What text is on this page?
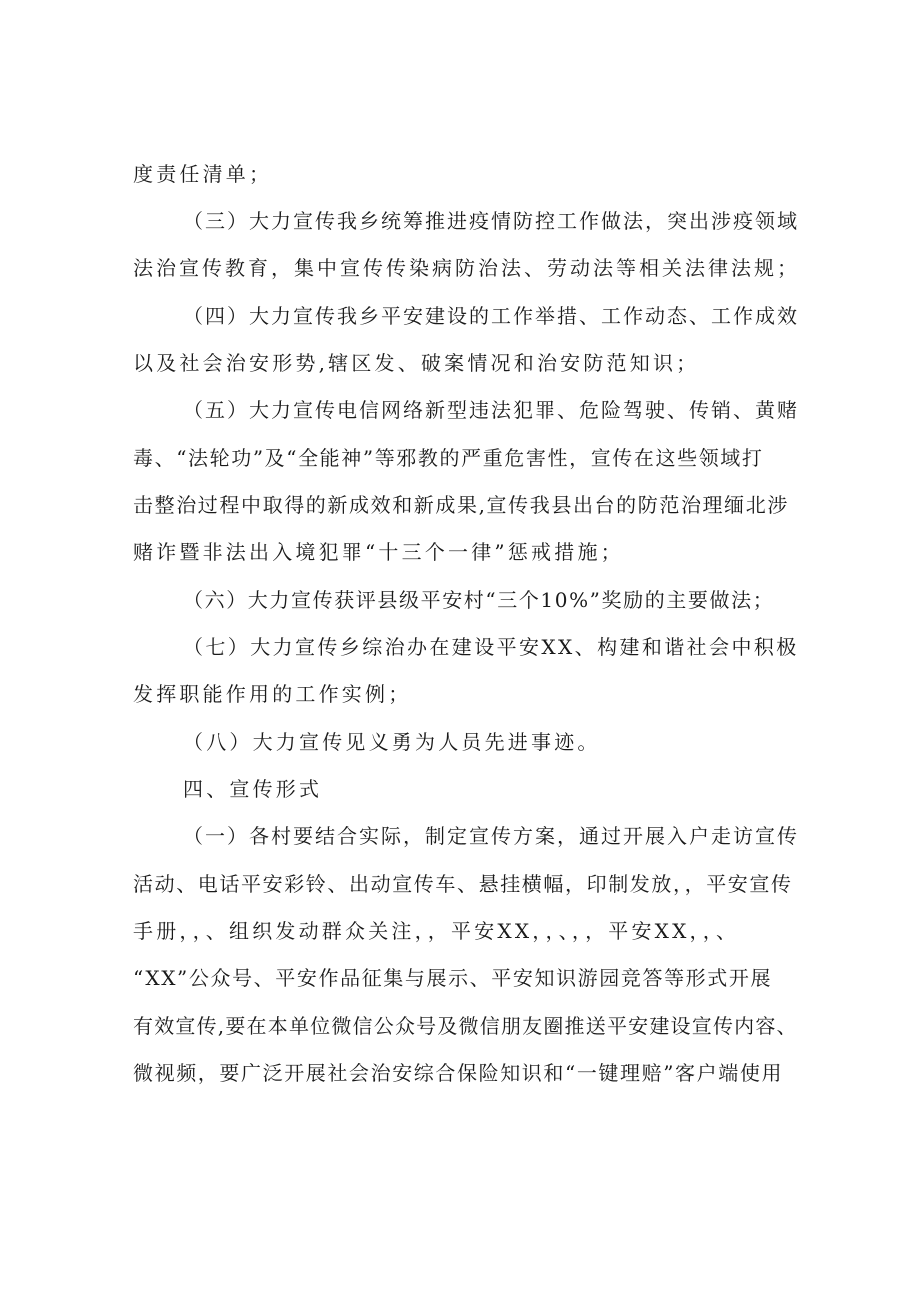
度责任清单；
（三）大力宣传我乡统筹推进疫情防控工作做法，突出涉疫领域
法治宣传教育，集中宣传传染病防治法、劳动法等相关法律法规；
（四）大力宣传我乡平安建设的工作举措、工作动态、工作成效
以及社会治安形势,辖区发、破案情况和治安防范知识；
（五）大力宣传电信网络新型违法犯罪、危险驾驶、传销、黄赌
毒、“法轮功”及“全能神”等邪教的严重危害性，宣传在这些领域打
击整治过程中取得的新成效和新成果,宣传我县出台的防范治理缅北涉
赌诈暨非法出入境犯罪“十三个一律”惩戒措施；
（六）大力宣传获评县级平安村“三个10%”奖励的主要做法；
（七）大力宣传乡综治办在建设平安XX、构建和谐社会中积极
发挥职能作用的工作实例；
（八）大力宣传见义勇为人员先进事迹。
四、宣传形式
（一）各村要结合实际，制定宣传方案，通过开展入户走访宣传
活动、电话平安彩铃、出动宣传车、悬挂横幅，印制发放，，平安宣传
手册，，、组织发动群众关注，，平安XX，，、，，平安XX，，、
“XX”公众号、平安作品征集与展示、平安知识游园竞答等形式开展
有效宣传,要在本单位微信公众号及微信朋友圈推送平安建设宣传内容、
微视频，要广泛开展社会治安综合保险知识和“一键理赔”客户端使用
